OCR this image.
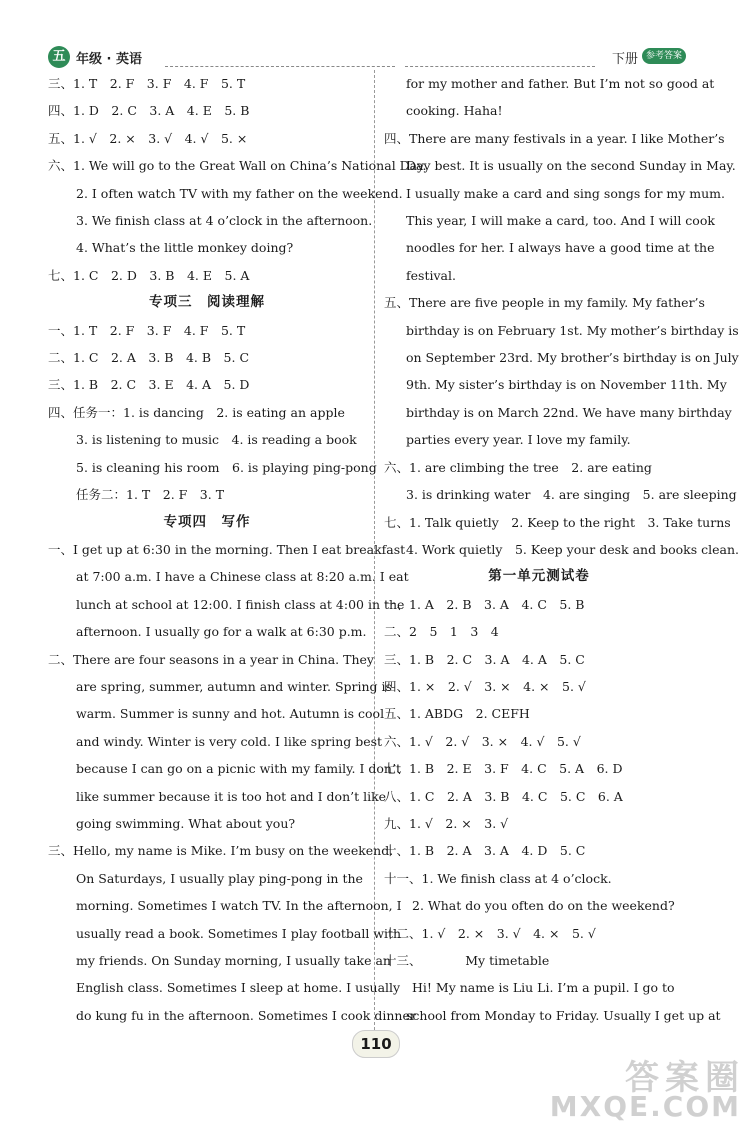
五 年级 · 英语	下册 参考答案
三、1. T　2. F　3. F　4. F　5. T
四、1. D　2. C　3. A　4. E　5. B
五、1. √　2. ×　3. √　4. √　5. ×
六、1. We will go to the Great Wall on China’s National Day.
2. I often watch TV with my father on the weekend.
3. We finish class at 4 o’clock in the afternoon.
4. What’s the little monkey doing?
七、1. C　2. D　3. B　4. E　5. A
专项三　阅读理解
一、1. T　2. F　3. F　4. F　5. T
二、1. C　2. A　3. B　4. B　5. C
三、1. B　2. C　3. E　4. A　5. D
四、任务一：1. is dancing　2. is eating an apple
3. is listening to music　4. is reading a book
5. is cleaning his room　6. is playing ping-pong
任务二：1. T　2. F　3. T
专项四　写作
一、I get up at 6:30 in the morning. Then I eat breakfast
at 7:00 a.m. I have a Chinese class at 8:20 a.m. I eat
lunch at school at 12:00. I finish class at 4:00 in the
afternoon. I usually go for a walk at 6:30 p.m.
二、There are four seasons in a year in China. They
are spring, summer, autumn and winter. Spring is
warm. Summer is sunny and hot. Autumn is cool
and windy. Winter is very cold. I like spring best
because I can go on a picnic with my family. I don’t
like summer because it is too hot and I don’t like
going swimming. What about you?
三、Hello, my name is Mike. I’m busy on the weekend.
On Saturdays, I usually play ping-pong in the
morning. Sometimes I watch TV. In the afternoon, I
usually read a book. Sometimes I play football with
my friends. On Sunday morning, I usually take an
English class. Sometimes I sleep at home. I usually
do kung fu in the afternoon. Sometimes I cook dinner
for my mother and father. But I’m not so good at
cooking. Haha!
四、There are many festivals in a year. I like Mother’s
Day best. It is usually on the second Sunday in May.
I usually make a card and sing songs for my mum.
This year, I will make a card, too. And I will cook
noodles for her. I always have a good time at the
festival.
五、There are five people in my family. My father’s
birthday is on February 1st. My mother’s birthday is
on September 23rd. My brother’s birthday is on July
9th. My sister’s birthday is on November 11th. My
birthday is on March 22nd. We have many birthday
parties every year. I love my family.
六、1. are climbing the tree　2. are eating
3. is drinking water　4. are singing　5. are sleeping
七、1. Talk quietly　2. Keep to the right　3. Take turns
4. Work quietly　5. Keep your desk and books clean.
第一单元测试卷
一、1. A　2. B　3. A　4. C　5. B
二、2　5　1　3　4
三、1. B　2. C　3. A　4. A　5. C
四、1. ×　2. √　3. ×　4. ×　5. √
五、1. ABDG　2. CEFH
六、1. √　2. √　3. ×　4. √　5. √
七、1. B　2. E　3. F　4. C　5. A　6. D
八、1. C　2. A　3. B　4. C　5. C　6. A
九、1. √　2. ×　3. √
十、1. B　2. A　3. A　4. D　5. C
十一、1. We finish class at 4 o’clock.
2. What do you often do on the weekend?
十二、1. √　2. ×　3. √　4. ×　5. √
十三、　　　　My timetable
Hi! My name is Liu Li. I’m a pupil. I go to
school from Monday to Friday. Usually I get up at
110
答案圈
MXQE.COM
